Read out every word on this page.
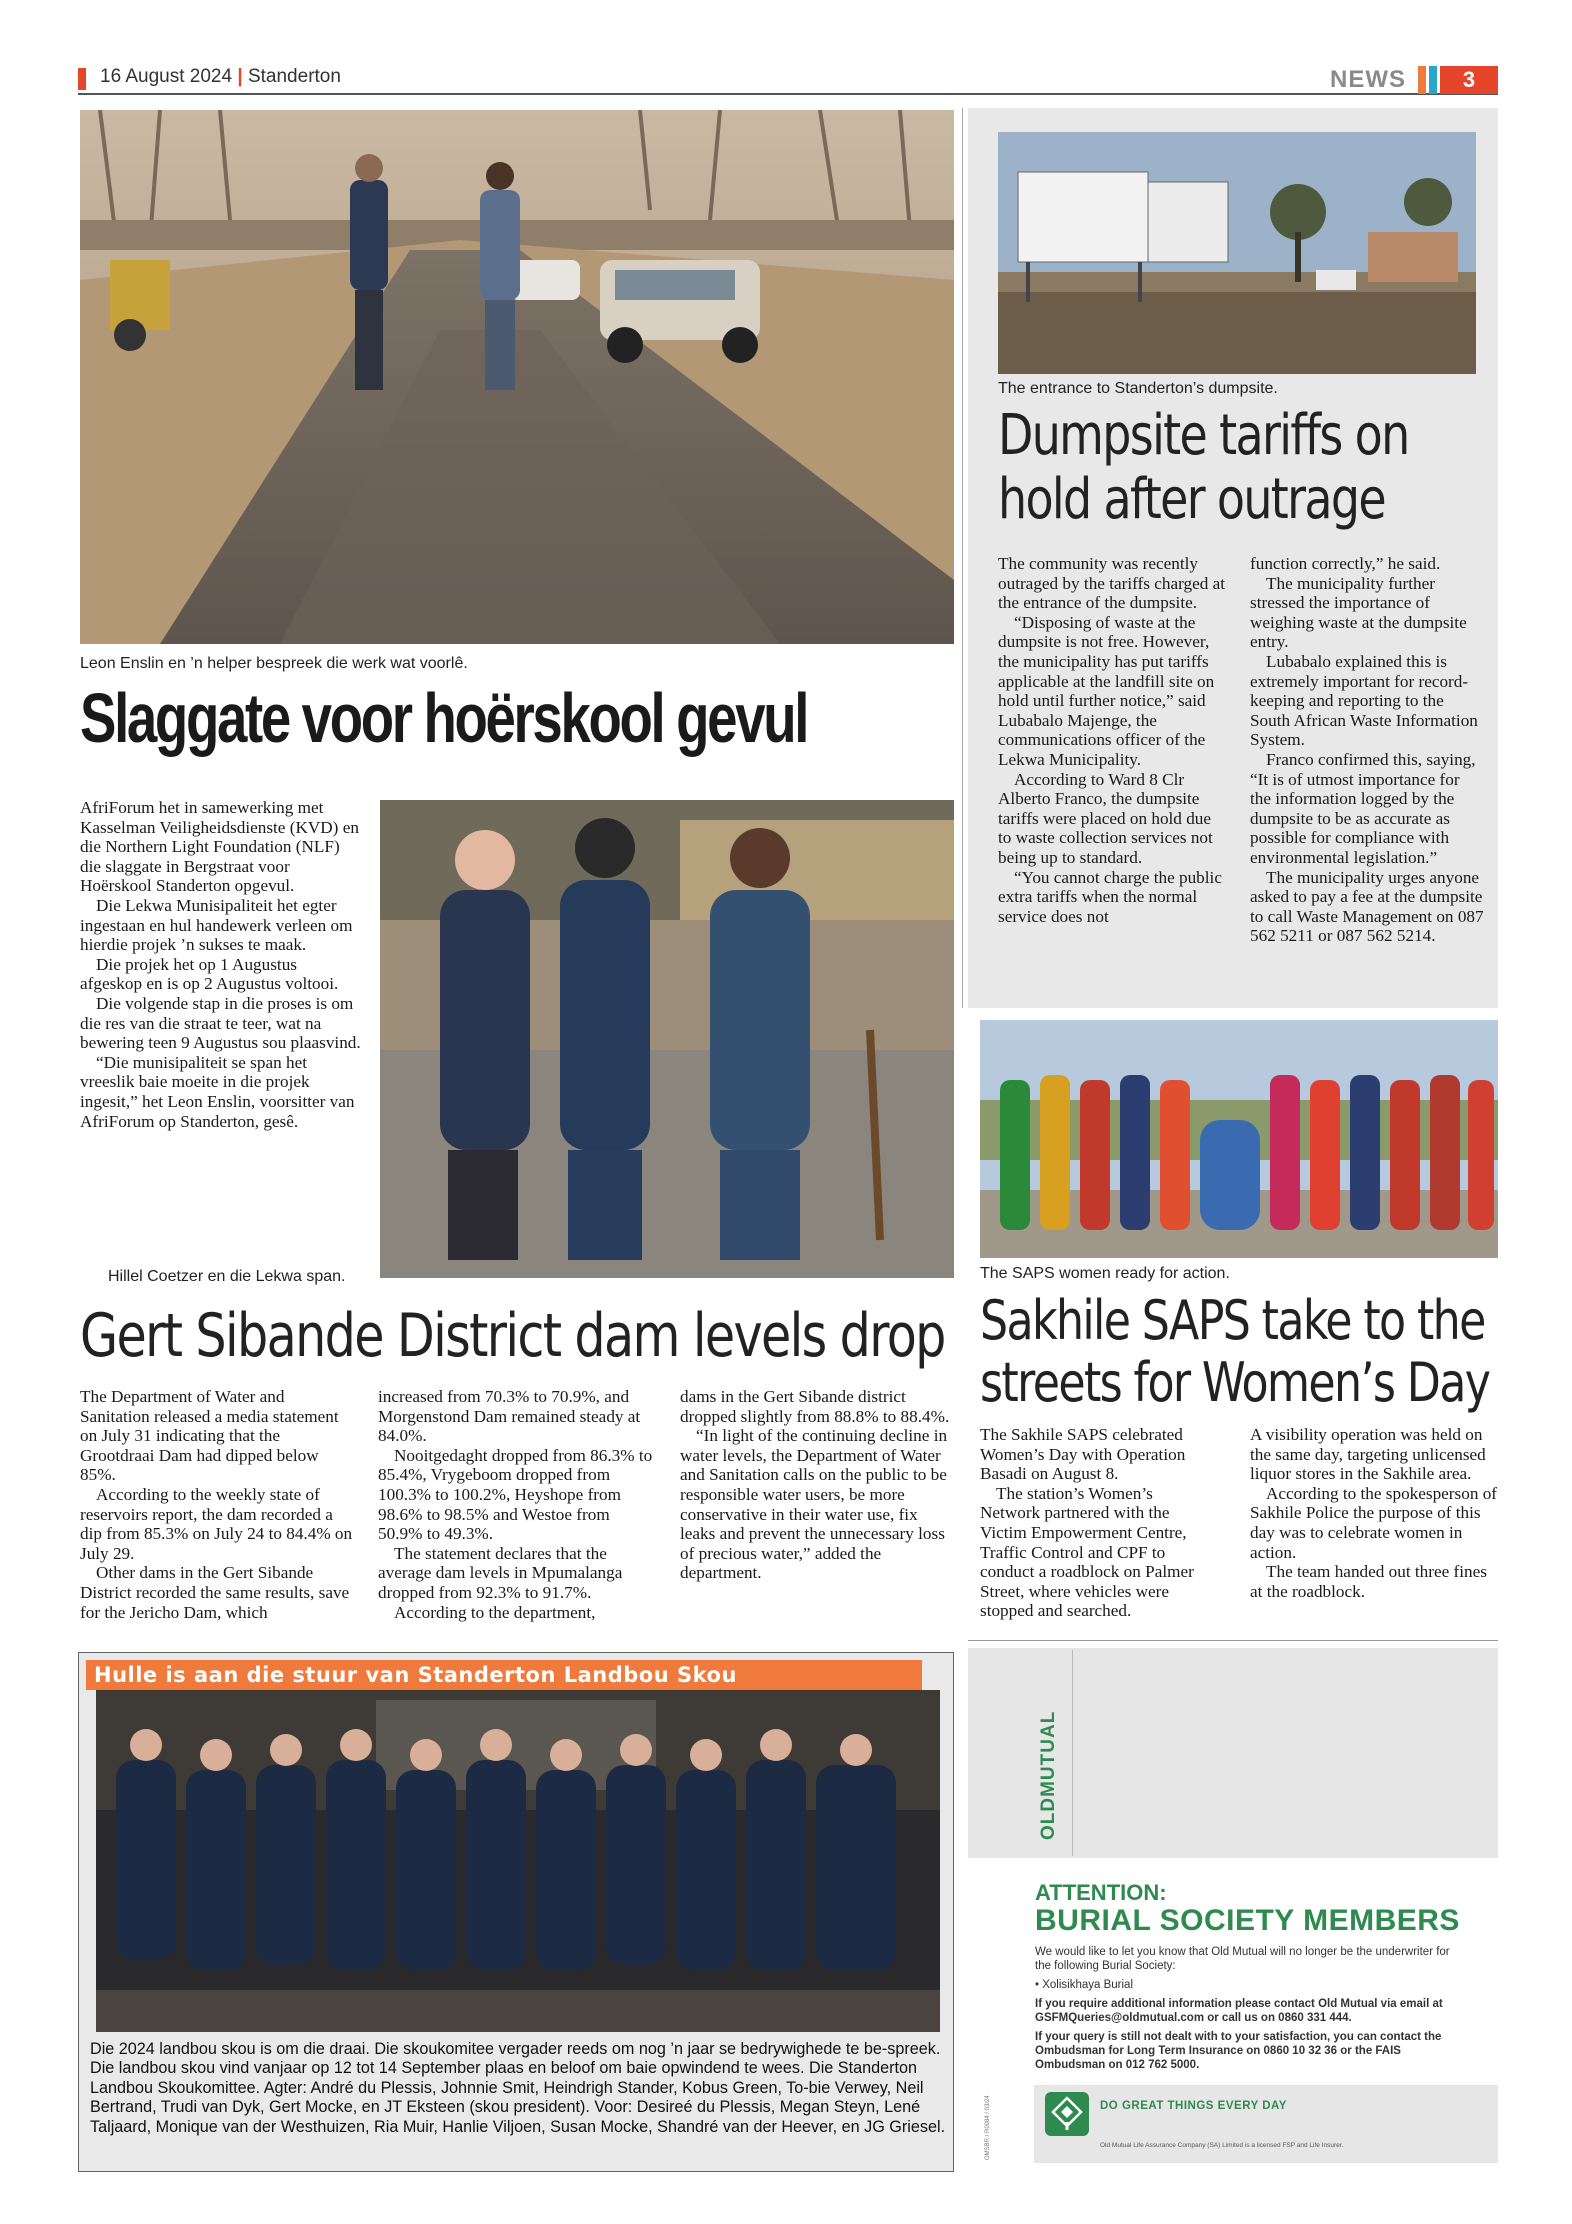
16 August 2024 | Standerton	NEWS	3
Leon Enslin en ’n helper bespreek die werk wat voorlê.
Slaggate voor hoërskool gevul

AfriForum het in samewerking met Kasselman Veiligheidsdienste (KVD) en die Northern Light Foundation (NLF) die slaggate in Bergstraat voor Hoërskool Standerton opgevul.

Die Lekwa Munisipaliteit het egter ingestaan en hul handewerk verleen om hierdie projek ’n sukses te maak.

Die projek het op 1 Augustus afgeskop en is op 2 Augustus voltooi.

Die volgende stap in die proses is om die res van die straat te teer, wat na bewering teen 9 Augustus sou plaasvind.

“Die munisipaliteit se span het vreeslik baie moeite in die projek ingesit,” het Leon Enslin, voorsitter van AfriForum op Standerton, gesê.

Hillel Coetzer en die Lekwa span.
Gert Sibande District dam levels drop

The Department of Water and Sanitation released a media statement on July 31 indicating that the Grootdraai Dam had dipped below 85%.

According to the weekly state of reservoirs report, the dam recorded a dip from 85.3% on July 24 to 84.4% on July 29.

Other dams in the Gert Sibande District recorded the same results, save for the Jericho Dam, which

increased from 70.3% to 70.9%, and Morgenstond Dam remained steady at 84.0%.

Nooitgedaght dropped from 86.3% to 85.4%, Vrygeboom dropped from 100.3% to 100.2%, Heyshope from 98.6% to 98.5% and Westoe from 50.9% to 49.3%.

The statement declares that the average dam levels in Mpumalanga dropped from 92.3% to 91.7%.

According to the department,

dams in the Gert Sibande district dropped slightly from 88.8% to 88.4%.

“In light of the continuing decline in water levels, the Department of Water and Sanitation calls on the public to be responsible water users, be more conservative in their water use, fix leaks and prevent the unnecessary loss of precious water,” added the department.

The entrance to Standerton’s dumpsite.
Dumpsite tariffs on
hold after outrage

The community was recently outraged by the tariffs charged at the entrance of the dumpsite.

“Disposing of waste at the dumpsite is not free. However, the municipality has put tariffs applicable at the landfill site on hold until further notice,” said Lubabalo Majenge, the communications officer of the Lekwa Municipality.

According to Ward 8 Clr Alberto Franco, the dumpsite tariffs were placed on hold due to waste collection services not being up to standard.

“You cannot charge the public extra tariffs when the normal service does not

function correctly,” he said.

The municipality further stressed the importance of weighing waste at the dumpsite entry.

Lubabalo explained this is extremely important for record-keeping and reporting to the South African Waste Information System.

Franco confirmed this, saying, “It is of utmost importance for the information logged by the dumpsite to be as accurate as possible for compliance with environmental legislation.”

The municipality urges anyone asked to pay a fee at the dumpsite to call Waste Management on 087 562 5211 or 087 562 5214.

The SAPS women ready for action.
Sakhile SAPS take to the
streets for Women’s Day

The Sakhile SAPS celebrated Women’s Day with Operation Basadi on August 8.

The station’s Women’s Network partnered with the Victim Empowerment Centre, Traffic Control and CPF to conduct a roadblock on Palmer Street, where vehicles were stopped and searched.

A visibility operation was held on the same day, targeting unlicensed liquor stores in the Sakhile area.

According to the spokesperson of Sakhile Police the purpose of this day was to celebrate women in action.

The team handed out three fines at the roadblock.

Hulle is aan die stuur van Standerton Landbou Skou
Die 2024 landbou skou is om die draai. Die skoukomitee vergader reeds om nog ’n jaar se bedrywighede te be-spreek. Die landbou skou vind vanjaar op 12 tot 14 September plaas en beloof om baie opwindend te wees. Die Standerton Landbou Skoukomittee. Agter: André du Plessis, Johnnie Smit, Heindrigh Stander, Kobus Green, To-bie Verwey, Neil Bertrand, Trudi van Dyk, Gert Mocke, en JT Eksteen (skou president). Voor: Desireé du Plessis, Megan Steyn, Lené Taljaard, Monique van der Westhuizen, Ria Muir, Hanlie Viljoen, Susan Mocke, Shandré van der Heever, en JG Griesel.
OLDMUTUAL
ATTENTION:
BURIAL SOCIETY MEMBERS
We would like to let you know that Old Mutual will no longer be the underwriter for the following Burial Society:
• Xolisikhaya Burial
If you require additional information please contact Old Mutual via email at GSFMQueries@oldmutual.com or call us on 0860 331 444.
If your query is still not dealt with to your satisfaction, you can contact the Ombudsman for Long Term Insurance on 0860 10 32 36 or the FAIS Ombudsman on 012 762 5000.
DO GREAT THINGS EVERY DAY
Old Mutual Life Assurance Company (SA) Limited is a licensed FSP and Life Insurer.
OMSBR / R0084 / 03/24
